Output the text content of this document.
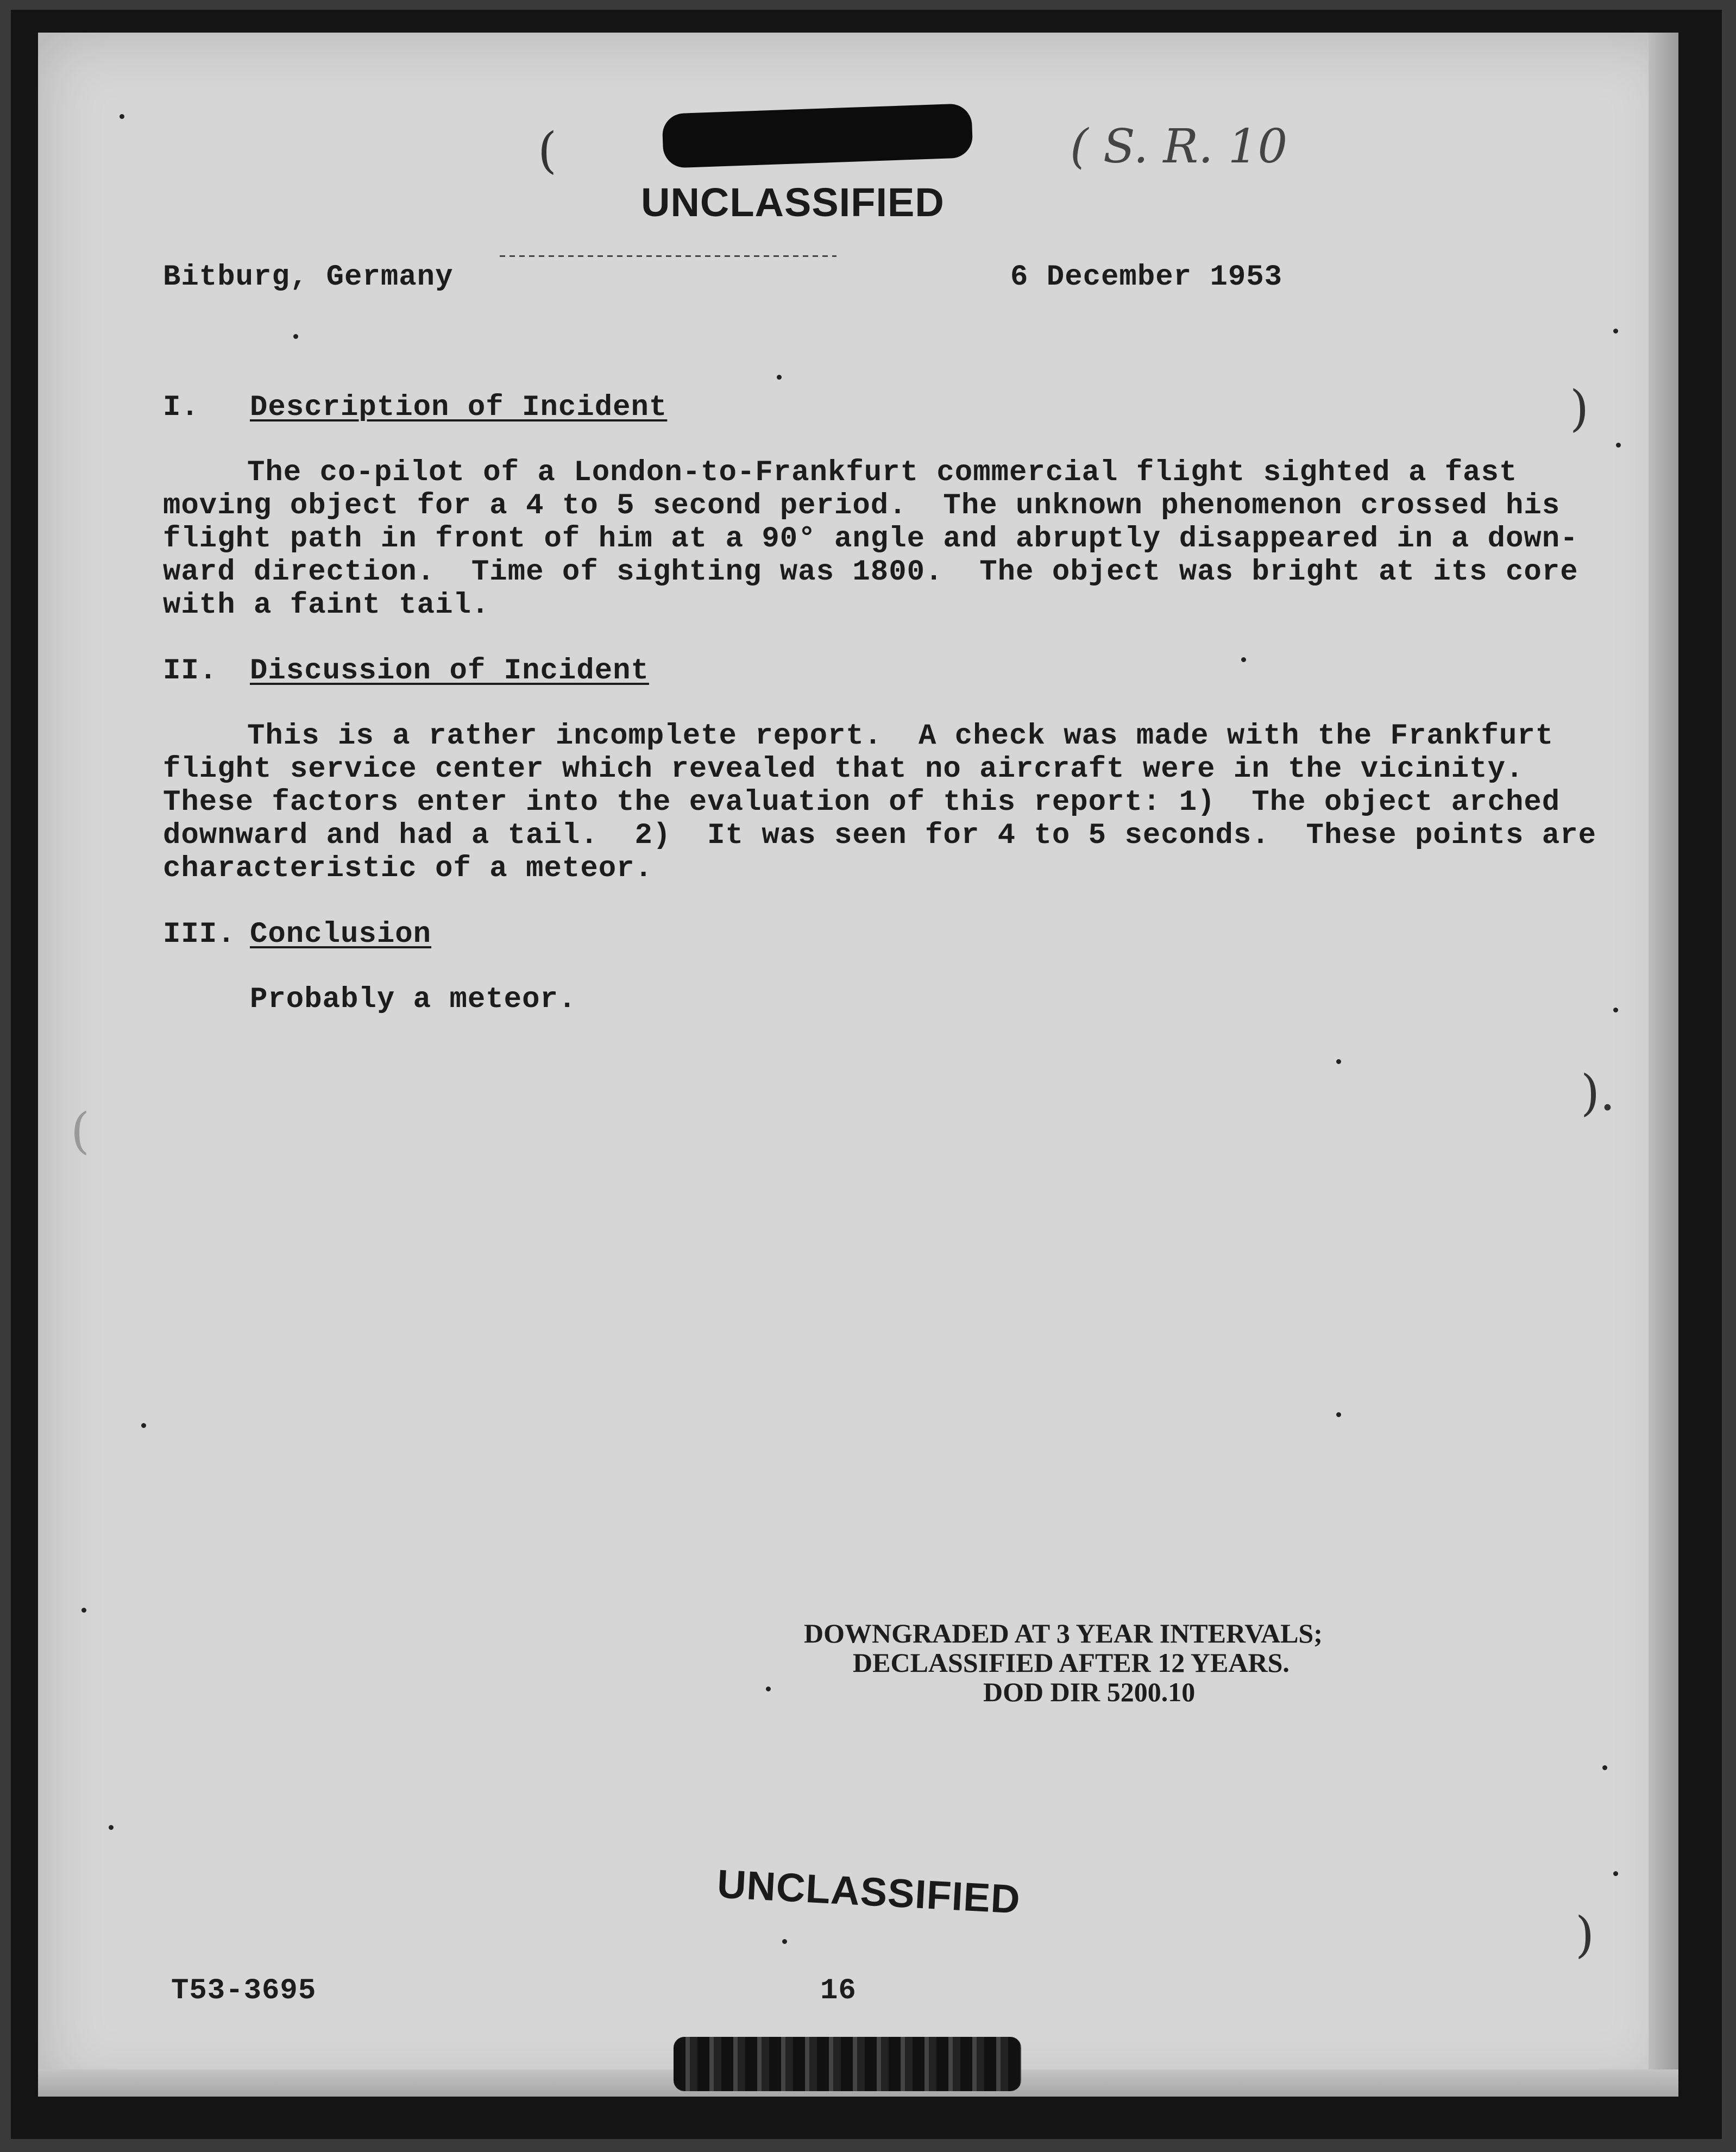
( S. R. 10
(
UNCLASSIFIED
Bitburg, Germany	6 December 1953
I. Description of Incident
The co-pilot of a London-to-Frankfurt commercial flight sighted a fast
moving object for a 4 to 5 second period.  The unknown phenomenon crossed his
flight path in front of him at a 90° angle and abruptly disappeared in a down-
ward direction.  Time of sighting was 1800.  The object was bright at its core
with a faint tail.
II. Discussion of Incident
This is a rather incomplete report.  A check was made with the Frankfurt
flight service center which revealed that no aircraft were in the vicinity.
These factors enter into the evaluation of this report: 1)  The object arched
downward and had a tail.  2)  It was seen for 4 to 5 seconds.  These points are
characteristic of a meteor.
III. Conclusion
Probably a meteor.
)
).
)
(
DOWNGRADED AT 3 YEAR INTERVALS;
DECLASSIFIED AFTER 12 YEARS.
DOD DIR 5200.10
UNCLASSIFIED
T53-3695	16
